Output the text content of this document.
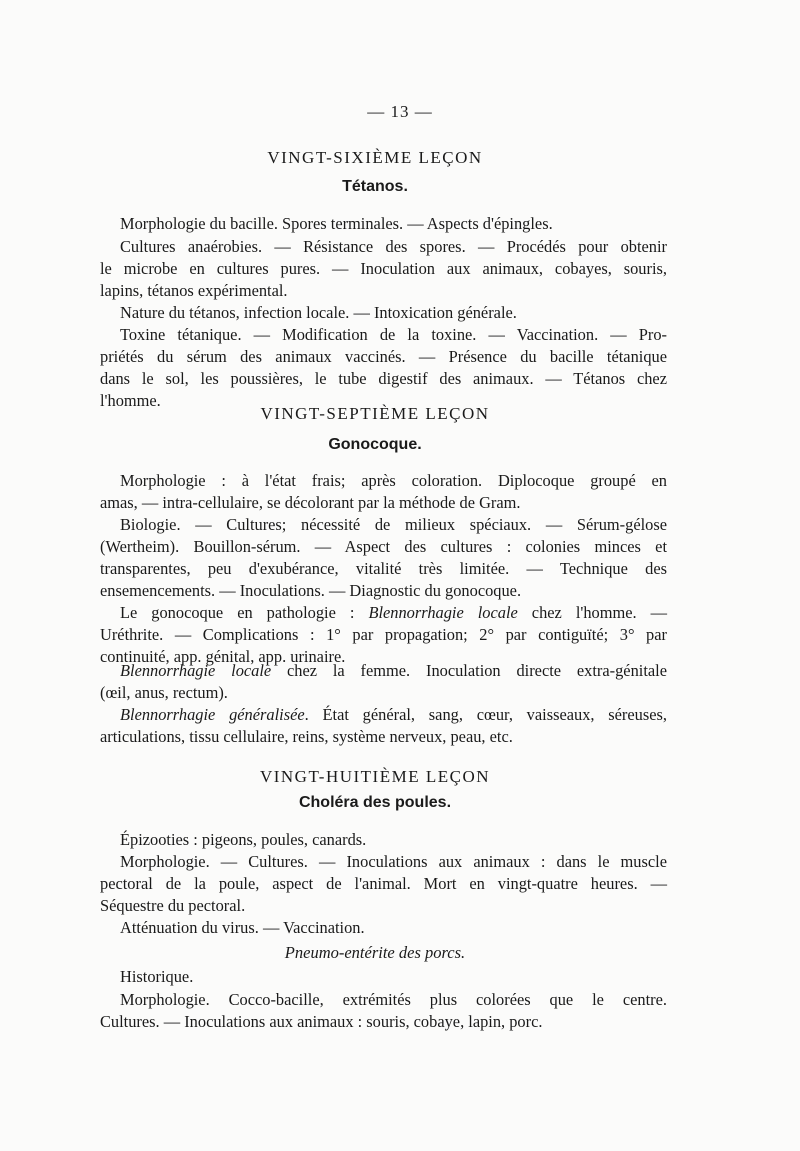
— 13 —
VINGT-SIXIÈME LEÇON
Tétanos.
Morphologie du bacille. Spores terminales. — Aspects d'épingles.
Cultures anaérobies. — Résistance des spores. — Procédés pour obtenir
le microbe en cultures pures. — Inoculation aux animaux, cobayes, souris,
lapins, tétanos expérimental.
Nature du tétanos, infection locale. — Intoxication générale.
Toxine tétanique. — Modification de la toxine. — Vaccination. — Pro-
priétés du sérum des animaux vaccinés. — Présence du bacille tétanique
dans le sol, les poussières, le tube digestif des animaux. — Tétanos chez
l'homme.
VINGT-SEPTIÈME LEÇON
Gonocoque.
Morphologie : à l'état frais; après coloration. Diplocoque groupé en
amas, — intra-cellulaire, se décolorant par la méthode de Gram.
Biologie. — Cultures; nécessité de milieux spéciaux. — Sérum-gélose
(Wertheim). Bouillon-sérum. — Aspect des cultures : colonies minces et
transparentes, peu d'exubérance, vitalité très limitée. — Technique des
ensemencements. — Inoculations. — Diagnostic du gonocoque.
Le gonocoque en pathologie : Blennorrhagie locale chez l'homme. —
Uréthrite. — Complications : 1° par propagation; 2° par contiguïté; 3° par
continuité, app. génital, app. urinaire.
Blennorrhagie locale chez la femme. Inoculation directe extra-génitale
(œil, anus, rectum).
Blennorrhagie généralisée. État général, sang, cœur, vaisseaux, séreuses,
articulations, tissu cellulaire, reins, système nerveux, peau, etc.
VINGT-HUITIÈME LEÇON
Choléra des poules.
Épizooties : pigeons, poules, canards.
Morphologie. — Cultures. — Inoculations aux animaux : dans le muscle
pectoral de la poule, aspect de l'animal. Mort en vingt-quatre heures. —
Séquestre du pectoral.
Atténuation du virus. — Vaccination.
Pneumo-entérite des porcs.
Historique.
Morphologie. Cocco-bacille, extrémités plus colorées que le centre.
Cultures. — Inoculations aux animaux : souris, cobaye, lapin, porc.
